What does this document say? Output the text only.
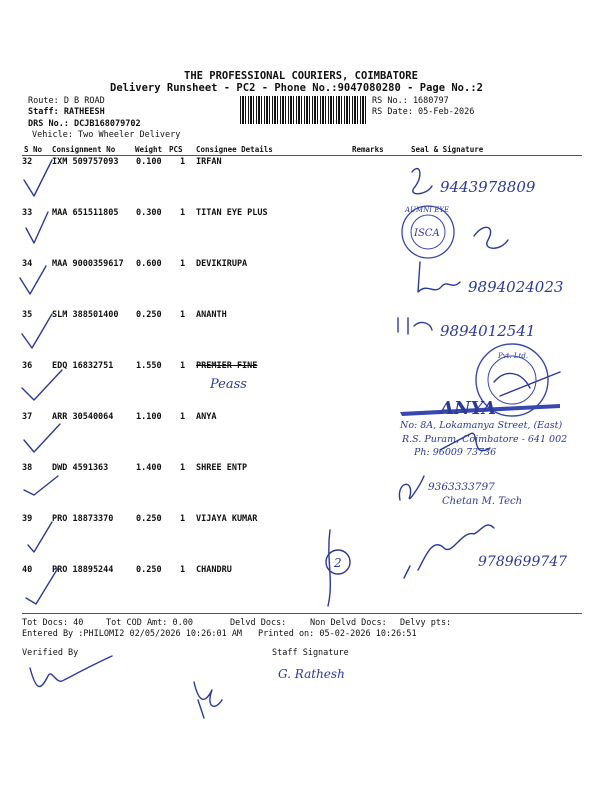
THE PROFESSIONAL COURIERS, COIMBATORE
Delivery Runsheet - PC2 - Phone No.:9047080280 - Page No.:2
Route: D B ROAD
Staff: RATHEESH
DRS No.: DCJB168079702
Vehicle: Two Wheeler Delivery
RS No.: 1680797
RS Date: 05-Feb-2026
S No Consignment No	Weight PCS Consignee Details	Remarks	Seal & Signature
32 IXM 509757093 0.100 1 IRFAN
33 MAA 651511805 0.300 1 TITAN EYE PLUS
34 MAA 9000359617 0.600 1 DEVIKIRUPA
35 SLM 388501400 0.250 1 ANANTH
36 EDQ 16832751	1.550 1 PREMIER FINE
37 ARR 30540064	1.100 1 ANYA
38 DWD 4591363	1.400 1 SHREE ENTP
39 PRO 18873370	0.250 1 VIJAYA KUMAR
40 PRO 18895244	0.250 1 CHANDRU
9443978809
AUMNI EYE
ISCA
9894024023
9894012541
Peass
Pvt. Ltd.
ANYA
No: 8A, Lokamanya Street, (East)
R.S. Puram, Coimbatore - 641 002
Ph: 96009 73736
9363333797
Chetan M. Tech
2	9789699747
G. Rathesh
Tot Docs: 40	Tot COD Amt: 0.00	Delvd Docs:	Non Delvd Docs: Delvy pts:
Entered By :PHILOMI2 02/05/2026 10:26:01 AM Printed on: 05-02-2026 10:26:51
Verified By	Staff Signature
